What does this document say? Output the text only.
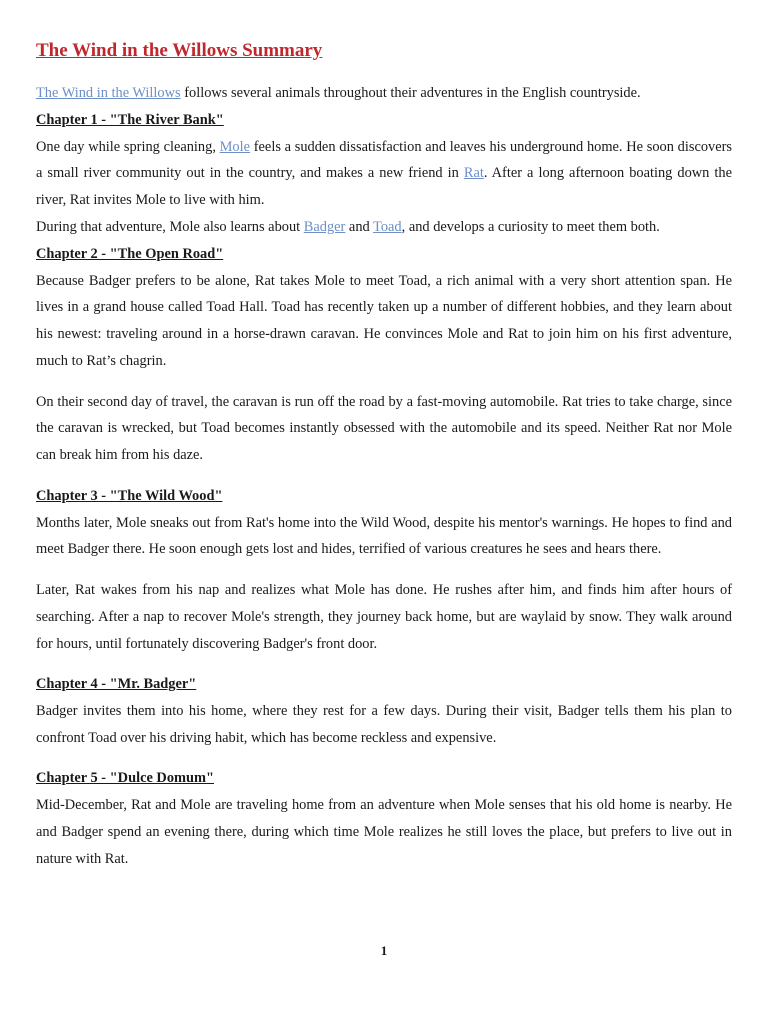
The Wind in the Willows Summary

The Wind in the Willows follows several animals throughout their adventures in the English countryside.

Chapter 1 - "The River Bank"

One day while spring cleaning, Mole feels a sudden dissatisfaction and leaves his underground home. He soon discovers a small river community out in the country, and makes a new friend in Rat. After a long afternoon boating down the river, Rat invites Mole to live with him.

During that adventure, Mole also learns about Badger and Toad, and develops a curiosity to meet them both.

Chapter 2 - "The Open Road"

Because Badger prefers to be alone, Rat takes Mole to meet Toad, a rich animal with a very short attention span. He lives in a grand house called Toad Hall. Toad has recently taken up a number of different hobbies, and they learn about his newest: traveling around in a horse-drawn caravan. He convinces Mole and Rat to join him on his first adventure, much to Rat’s chagrin.

On their second day of travel, the caravan is run off the road by a fast-moving automobile. Rat tries to take charge, since the caravan is wrecked, but Toad becomes instantly obsessed with the automobile and its speed. Neither Rat nor Mole can break him from his daze.

Chapter 3 - "The Wild Wood"

Months later, Mole sneaks out from Rat's home into the Wild Wood, despite his mentor's warnings. He hopes to find and meet Badger there. He soon enough gets lost and hides, terrified of various creatures he sees and hears there.

Later, Rat wakes from his nap and realizes what Mole has done. He rushes after him, and finds him after hours of searching. After a nap to recover Mole's strength, they journey back home, but are waylaid by snow. They walk around for hours, until fortunately discovering Badger's front door.

Chapter 4 - "Mr. Badger"

Badger invites them into his home, where they rest for a few days. During their visit, Badger tells them his plan to confront Toad over his driving habit, which has become reckless and expensive.

Chapter 5 - "Dulce Domum"

Mid-December, Rat and Mole are traveling home from an adventure when Mole senses that his old home is nearby. He and Badger spend an evening there, during which time Mole realizes he still loves the place, but prefers to live out in nature with Rat.

1
